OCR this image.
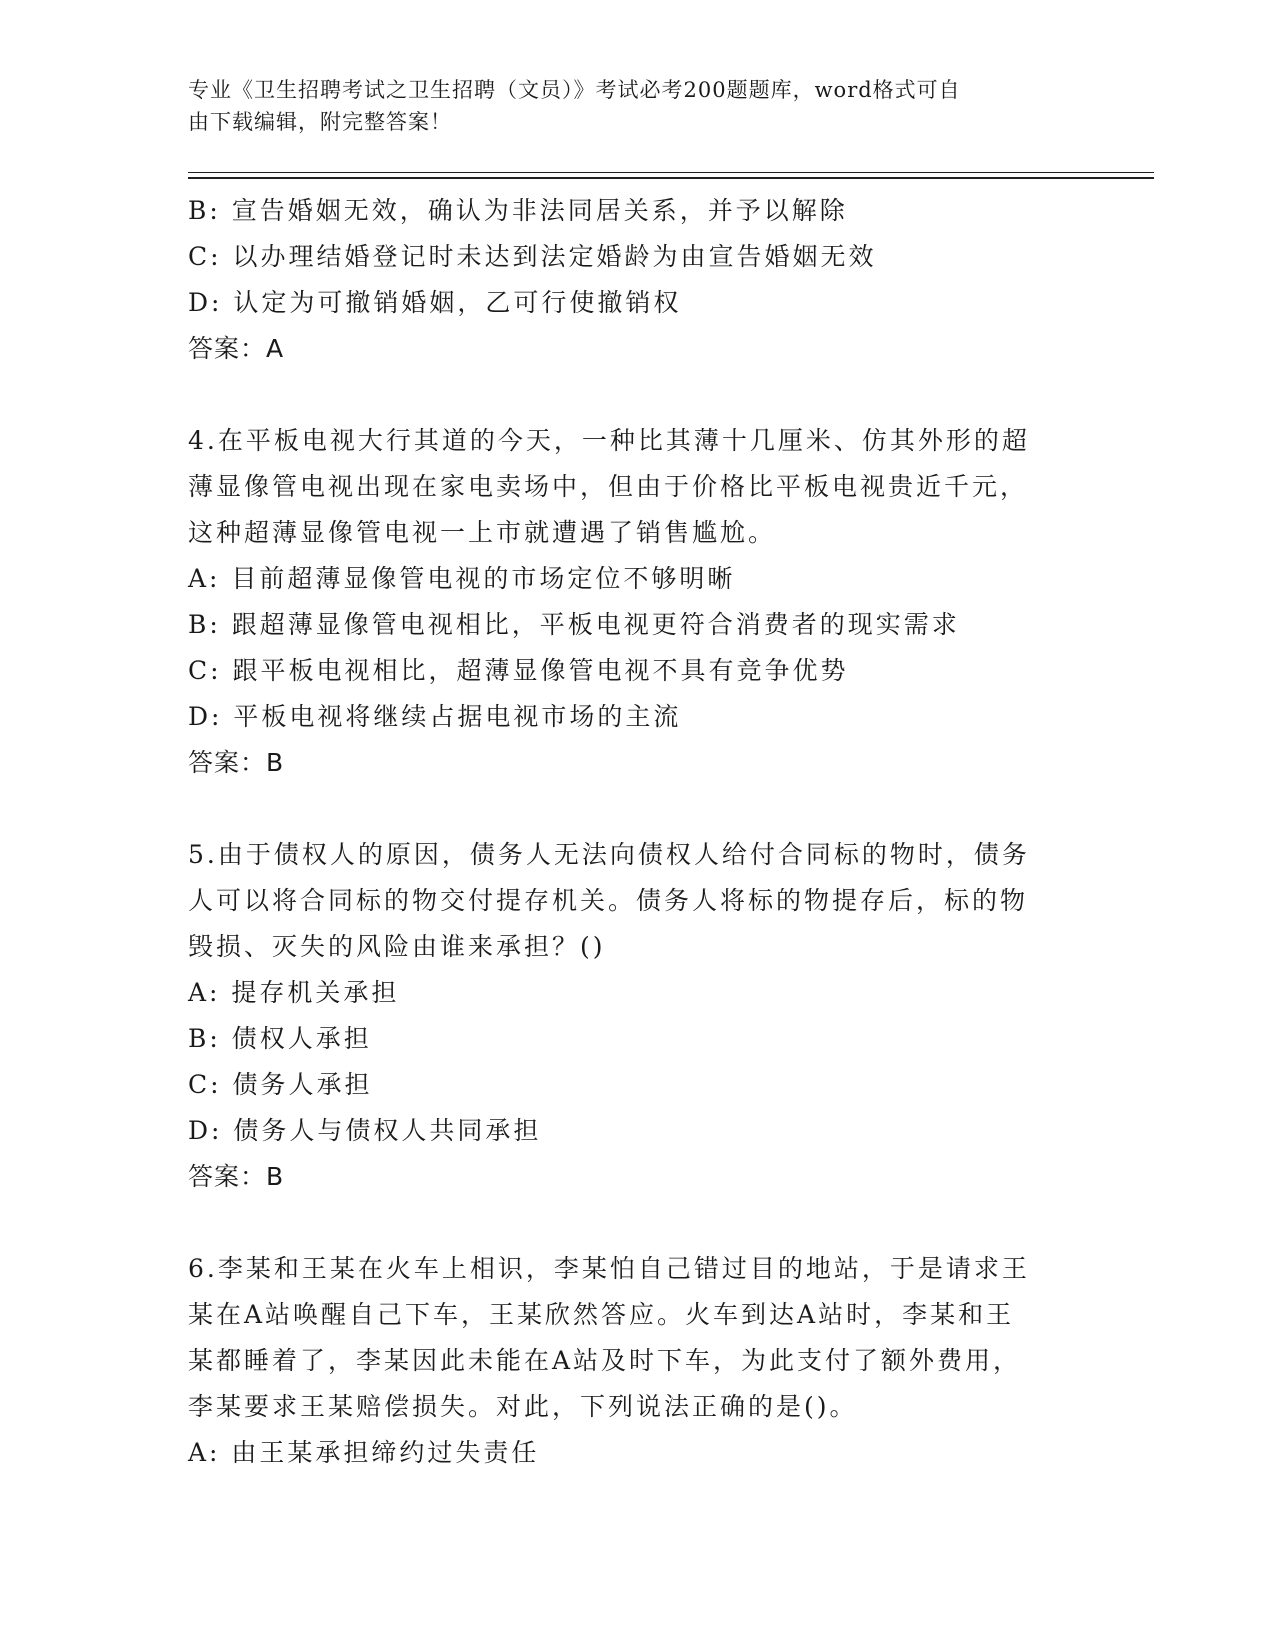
专业《卫生招聘考试之卫生招聘（文员）》考试必考200题题库，word格式可自
由下载编辑，附完整答案！
B: 宣告婚姻无效，确认为非法同居关系，并予以解除
C: 以办理结婚登记时未达到法定婚龄为由宣告婚姻无效
D: 认定为可撤销婚姻，乙可行使撤销权
答案：A
4.在平板电视大行其道的今天，一种比其薄十几厘米、仿其外形的超
薄显像管电视出现在家电卖场中，但由于价格比平板电视贵近千元，
这种超薄显像管电视一上市就遭遇了销售尴尬。
A: 目前超薄显像管电视的市场定位不够明晰
B: 跟超薄显像管电视相比，平板电视更符合消费者的现实需求
C: 跟平板电视相比，超薄显像管电视不具有竞争优势
D: 平板电视将继续占据电视市场的主流
答案：B
5.由于债权人的原因，债务人无法向债权人给付合同标的物时，债务
人可以将合同标的物交付提存机关。债务人将标的物提存后，标的物
毁损、灭失的风险由谁来承担？()
A: 提存机关承担
B: 债权人承担
C: 债务人承担
D: 债务人与债权人共同承担
答案：B
6.李某和王某在火车上相识，李某怕自己错过目的地站，于是请求王
某在A站唤醒自己下车，王某欣然答应。火车到达A站时，李某和王
某都睡着了，李某因此未能在A站及时下车，为此支付了额外费用，
李某要求王某赔偿损失。对此，下列说法正确的是()。
A: 由王某承担缔约过失责任
